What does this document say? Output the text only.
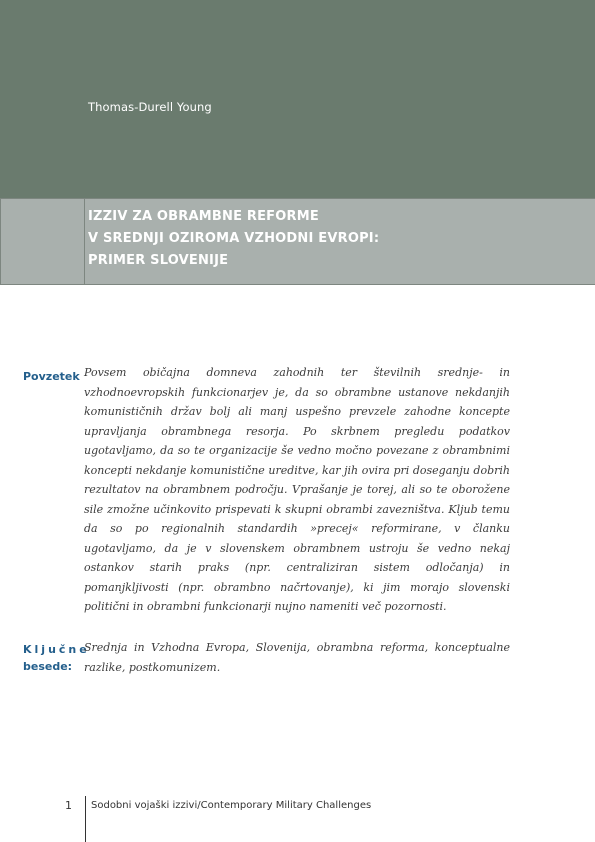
Thomas-Durell Young
IZZIV ZA OBRAMBNE REFORME
V SREDNJI OZIROMA VZHODNI EVROPI:
PRIMER SLOVENIJE
Povzetek Povsem običajna domneva zahodnih ter številnih srednje- in vzhodnoevropskih funkcionarjev je, da so obrambne ustanove nekdanjih komunističnih držav bolj ali manj uspešno prevzele zahodne koncepte upravljanja obrambnega resorja. Po skrbnem pregledu podatkov ugotavljamo, da so te organizacije še vedno močno povezane z obrambnimi koncepti nekdanje komunistične ureditve, kar jih ovira pri doseganju dobrih rezultatov na obrambnem področju. Vprašanje je torej, ali so te oborožene sile zmožne učinkovito prispevati k skupni obrambi zavezništva. Kljub temu da so po regionalnih standardih »precej« reformirane, v članku ugotavljamo, da je v slovenskem obrambnem ustroju še vedno nekaj ostankov starih praks (npr. centraliziran sistem odločanja) in pomanjkljivosti (npr. obrambno načrtovanje), ki jim morajo slovenski politični in obrambni funkcionarji nujno nameniti več pozornosti.

Ključne
besede:

Srednja in Vzhodna Evropa, Slovenija, obrambna reforma, konceptualne razlike, postkomunizem.

1 Sodobni vojaški izzivi/Contemporary Military Challenges
